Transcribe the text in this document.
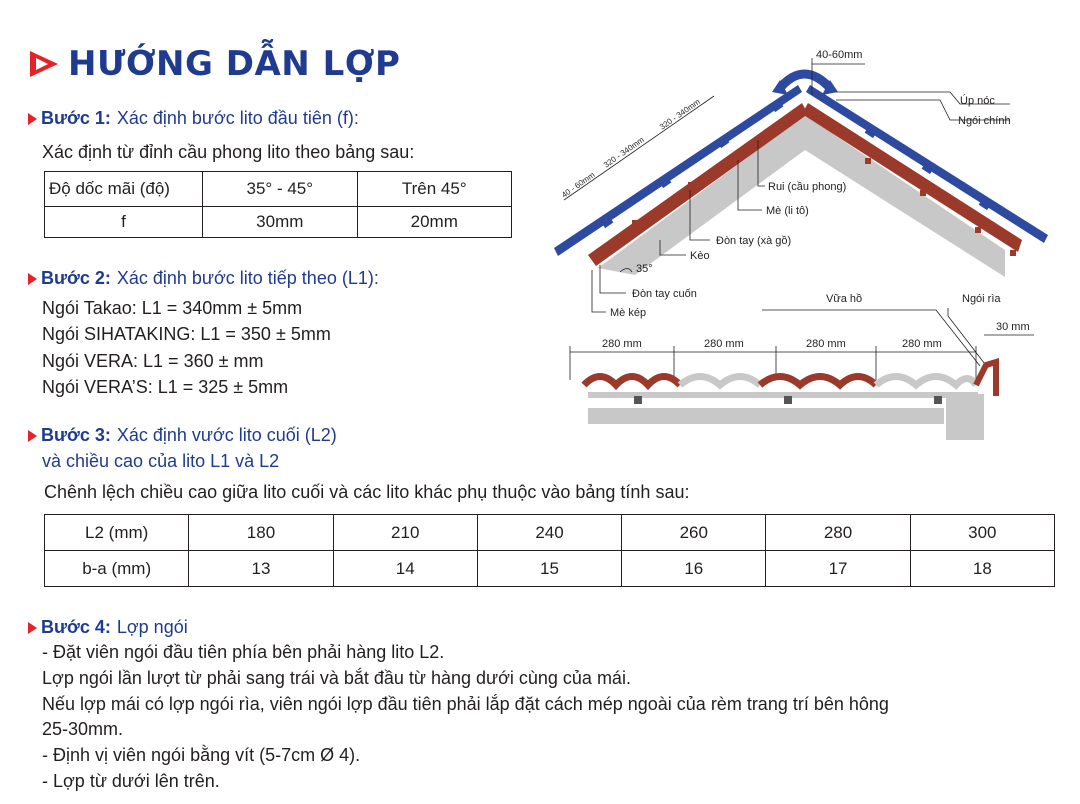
HƯỚNG DẪN LỢP
Bước 1: Xác định bước lito đầu tiên (f):
Xác định từ đỉnh cầu phong lito theo bảng sau:
Độ dốc mãi (độ)	35° - 45°	Trên 45°
f	30mm	20mm
Bước 2: Xác định bước lito tiếp theo (L1):
Ngói Takao: L1 = 340mm ± 5mm
Ngói SIHATAKING: L1 = 350 ± 5mm
Ngói VERA: L1 = 360 ± mm
Ngói VERA’S: L1 = 325 ± 5mm
Bước 3: Xác định vước lito cuối (L2)
và chiều cao của lito L1 và L2
Chênh lệch chiều cao giữa lito cuối và các lito khác phụ thuộc vào bảng tính sau:
L2 (mm)	180	210	240	260	280	300
b-a (mm)	13	14	15	16	17	18
Bước 4: Lợp ngói
- Đặt viên ngói đầu tiên phía bên phải hàng lito L2.
Lợp ngói lần lượt từ phải sang trái và bắt đầu từ hàng dưới cùng của mái.
Nếu lợp mái có lợp ngói rìa, viên ngói lợp đầu tiên phải lắp đặt cách mép ngoài của rèm trang trí bên hông
25-30mm.
- Định vị viên ngói bằng vít (5-7cm Ø 4).
- Lợp từ dưới lên trên.
40-60mm
40 - 60mm
320 - 340mm
320 - 340mm
35°
Úp nóc
Ngói chính
Rui (cầu phong)
Mè (li tô)
Đòn tay (xà gồ)
Kèo
Đòn tay cuốn
Mè kép
Vữa hồ	Ngói rìa
30 mm
280 mm	280 mm	280 mm	280 mm
